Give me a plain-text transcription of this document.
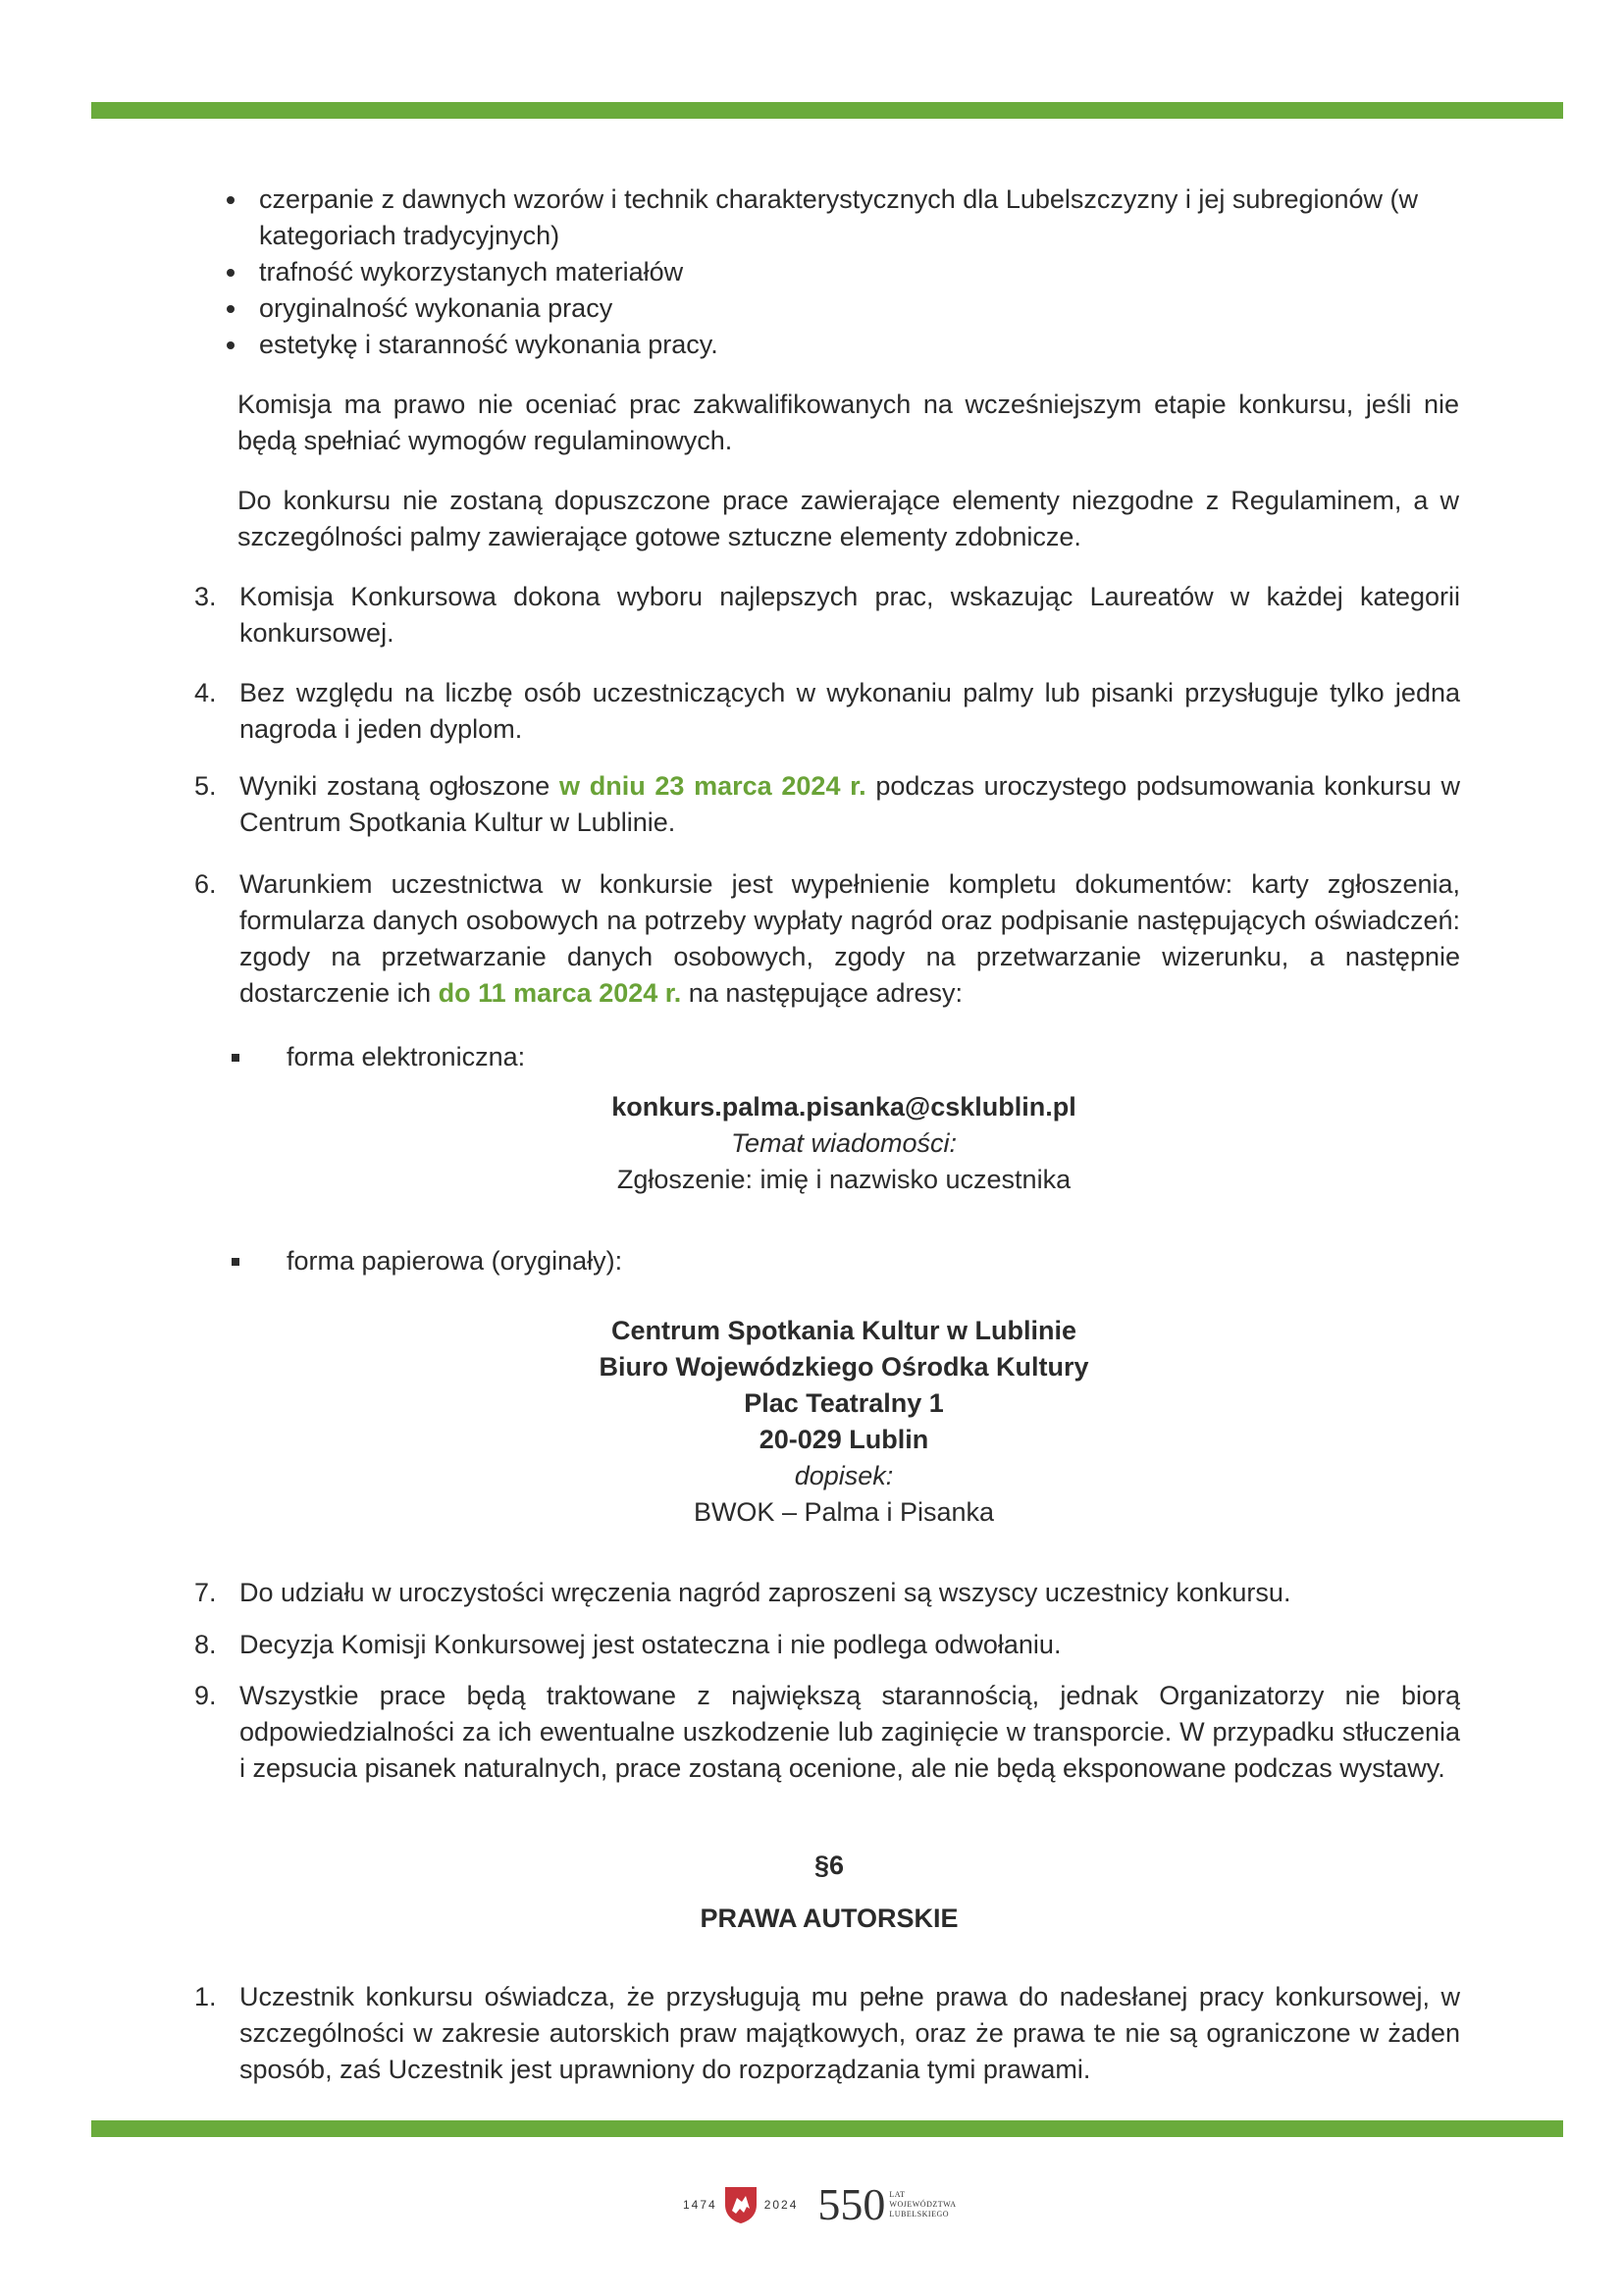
czerpanie z dawnych wzorów i technik charakterystycznych dla Lubelszczyzny i jej subregionów (w kategoriach tradycyjnych)
trafność wykorzystanych materiałów
oryginalność wykonania pracy
estetykę i staranność wykonania pracy.

Komisja ma prawo nie oceniać prac zakwalifikowanych na wcześniejszym etapie konkursu, jeśli nie będą spełniać wymogów regulaminowych.

Do konkursu nie zostaną dopuszczone prace zawierające elementy niezgodne z Regulaminem, a w szczególności palmy zawierające gotowe sztuczne elementy zdobnicze.

3. Komisja Konkursowa dokona wyboru najlepszych prac, wskazując Laureatów w każdej kategorii konkursowej.
4. Bez względu na liczbę osób uczestniczących w wykonaniu palmy lub pisanki przysługuje tylko jedna nagroda i jeden dyplom.
5. Wyniki zostaną ogłoszone w dniu 23 marca 2024 r. podczas uroczystego podsumowania konkursu w Centrum Spotkania Kultur w Lublinie.
6. Warunkiem uczestnictwa w konkursie jest wypełnienie kompletu dokumentów: karty zgłoszenia, formularza danych osobowych na potrzeby wypłaty nagród oraz podpisanie następujących oświadczeń: zgody na przetwarzanie danych osobowych, zgody na przetwarzanie wizerunku, a następnie dostarczenie ich do 11 marca 2024 r. na następujące adresy:
forma elektroniczna:
konkurs.palma.pisanka@csklublin.pl
Temat wiadomości:
Zgłoszenie: imię i nazwisko uczestnika
forma papierowa (oryginały):
Centrum Spotkania Kultur w Lublinie
Biuro Wojewódzkiego Ośrodka Kultury
Plac Teatralny 1
20-029 Lublin
dopisek:
BWOK – Palma i Pisanka
7. Do udziału w uroczystości wręczenia nagród zaproszeni są wszyscy uczestnicy konkursu.
8. Decyzja Komisji Konkursowej jest ostateczna i nie podlega odwołaniu.
9. Wszystkie prace będą traktowane z największą starannością, jednak Organizatorzy nie biorą odpowiedzialności za ich ewentualne uszkodzenie lub zaginięcie w transporcie. W przypadku stłuczenia i zepsucia pisanek naturalnych, prace zostaną ocenione, ale nie będą eksponowane podczas wystawy.
§6
PRAWA AUTORSKIE
1. Uczestnik konkursu oświadcza, że przysługują mu pełne prawa do nadesłanej pracy konkursowej, w szczególności w zakresie autorskich praw majątkowych, oraz że prawa te nie są ograniczone w żaden sposób, zaś Uczestnik jest uprawniony do rozporządzania tymi prawami.
1474	2024 550 LAT
WOJEWÓDZTWA
LUBELSKIEGO
